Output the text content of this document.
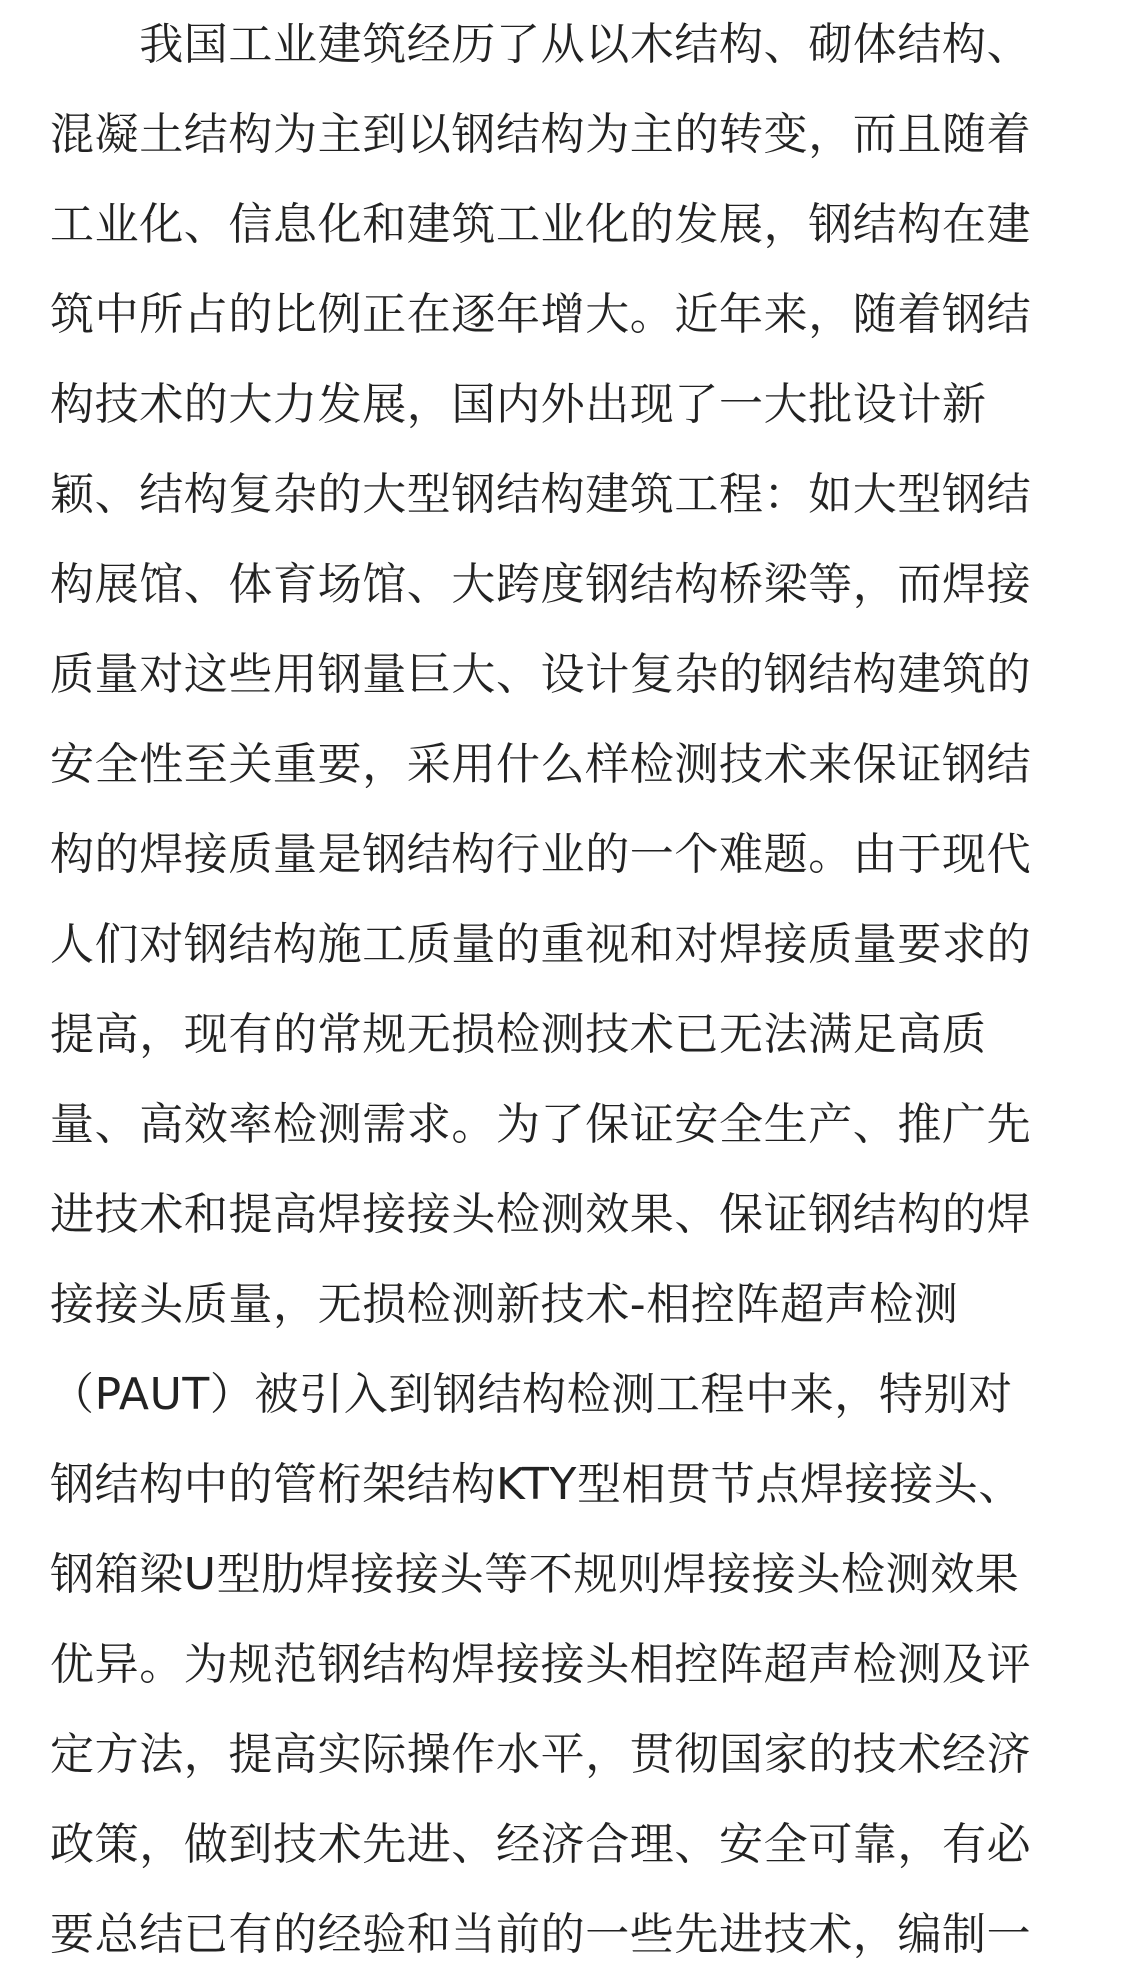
　　我国工业建筑经历了从以木结构、砌体结构、
混凝土结构为主到以钢结构为主的转变，而且随着
工业化、信息化和建筑工业化的发展，钢结构在建
筑中所占的比例正在逐年增大。近年来，随着钢结
构技术的大力发展，国内外出现了一大批设计新
颖、结构复杂的大型钢结构建筑工程：如大型钢结
构展馆、体育场馆、大跨度钢结构桥梁等，而焊接
质量对这些用钢量巨大、设计复杂的钢结构建筑的
安全性至关重要，采用什么样检测技术来保证钢结
构的焊接质量是钢结构行业的一个难题。由于现代
人们对钢结构施工质量的重视和对焊接质量要求的
提高，现有的常规无损检测技术已无法满足高质
量、高效率检测需求。为了保证安全生产、推广先
进技术和提高焊接接头检测效果、保证钢结构的焊
接接头质量，无损检测新技术-相控阵超声检测
（PAUT）被引入到钢结构检测工程中来，特别对
钢结构中的管桁架结构KTY型相贯节点焊接接头、
钢箱梁U型肋焊接接头等不规则焊接接头检测效果
优异。为规范钢结构焊接接头相控阵超声检测及评
定方法，提高实际操作水平，贯彻国家的技术经济
政策，做到技术先进、经济合理、安全可靠，有必
要总结已有的经验和当前的一些先进技术，编制一
